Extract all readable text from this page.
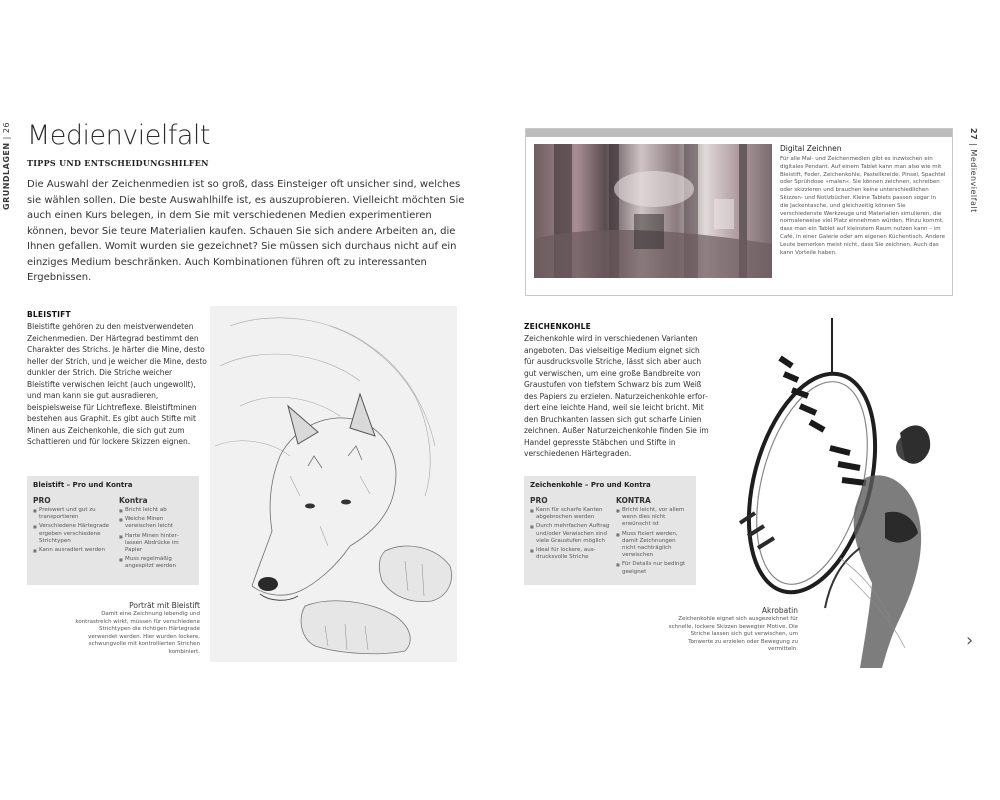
GRUNDLAGEN | 26
27 | Medienvielfalt
Medienvielfalt
TIPPS UND ENTSCHEIDUNGSHILFEN
Die Auswahl der Zeichenmedien ist so groß, dass Einsteiger oft unsicher sind, welches sie wählen sollen. Die beste Auswahlhilfe ist, es auszuprobieren. Vielleicht möchten Sie auch einen Kurs belegen, in dem Sie mit verschiedenen Medien experimentieren können, bevor Sie teure Materialien kaufen. Schauen Sie sich andere Arbeiten an, die Ihnen gefallen. Womit wurden sie gezeichnet? Sie müssen sich durchaus nicht auf ein einziges Medium beschränken. Auch Kombinationen führen oft zu interessanten Ergebnissen.
BLEISTIFT
Bleistifte gehören zu den meistverwendeten Zeichenmedien. Der Härtegrad bestimmt den Charakter des Strichs. Je härter die Mine, desto heller der Strich, und je weicher die Mine, desto dunkler der Strich. Die Striche weicher Bleistifte verwischen leicht (auch ungewollt), und man kann sie gut ausradieren, beispielsweise für Lichtreflexe. Bleistiftminen bestehen aus Graphit. Es gibt auch Stifte mit Minen aus Zeichenkohle, die sich gut zum Schattieren und für lockere Skizzen eignen.
Bleistift – Pro und Kontra
PRO	Kontra
■ Preiswert und gut zu transportieren
■ Verschiedene Härtegrade ergeben verschiedene Strichtypen
■ Kann ausradiert werden
■ Bricht leicht ab
■ Weiche Minen verwischen leicht
■ Harte Minen hinterlassen Abdrücke im Papier
■ Muss regelmäßig angespitzt werden
Porträt mit Bleistift
Damit eine Zeichnung lebendig und kontrastreich wirkt, müssen für verschiedene Strichtypen die richtigen Härtegrade verwendet werden. Hier wurden lockere, schwungvolle mit kontrollierten Strichen kombiniert.
Digital Zeichnen
Für alle Mal- und Zeichenmedien gibt es inzwischen ein digitales Pendant. Auf einem Tablet kann man also wie mit Bleistift, Feder, Zeichenkohle, Pastellkreide, Pinsel, Spachtel oder Sprühdose »malen«. Sie können zeichnen, schreiben oder skizzieren und brauchen keine unterschiedlichen Skizzen- und Notizbücher. Kleine Tablets passen sogar in die Jackentasche, und gleichzeitig können Sie verschiedenste Werkzeuge und Materialien simulieren, die normalerweise viel Platz einnehmen würden. Hinzu kommt, dass man ein Tablet auf kleinstem Raum nutzen kann – im Café, in einer Galerie oder am eigenen Küchentisch. Andere Leute bemerken meist nicht, dass Sie zeichnen. Auch das kann Vorteile haben.
ZEICHENKOHLE
Zeichenkohle wird in verschiedenen Varianten angeboten. Das vielseitige Medium eignet sich für ausdrucksvolle Striche, lässt sich aber auch gut verwischen, um eine große Bandbreite von Graustufen von tiefstem Schwarz bis zum Weiß des Papiers zu erzielen. Naturzeichenkohle erfordert eine leichte Hand, weil sie leicht bricht. Mit den Bruchkanten lassen sich gut scharfe Linien zeichnen. Außer Naturzeichenkohle finden Sie im Handel gepresste Stäbchen und Stifte in verschiedenen Härtegraden.
Zeichenkohle – Pro und Kontra
PRO	KONTRA
■ Kann für scharfe Kanten abgebrochen werden
■ Durch mehrfachen Auftrag und/oder Verwischen sind viele Graustufen möglich
■ Ideal für lockere, ausdrucksvolle Striche
■ Bricht leicht, vor allem wenn dies nicht erwünscht ist
■ Muss fixiert werden, damit Zeichnungen nicht nachträglich verwischen
■ Für Details nur bedingt geeignet
Akrobatin
Zeichenkohle eignet sich ausgezeichnet für schnelle, lockere Skizzen bewegter Motive. Die Striche lassen sich gut verwischen, um Tonwerte zu erzielen oder Bewegung zu vermitteln.	›
